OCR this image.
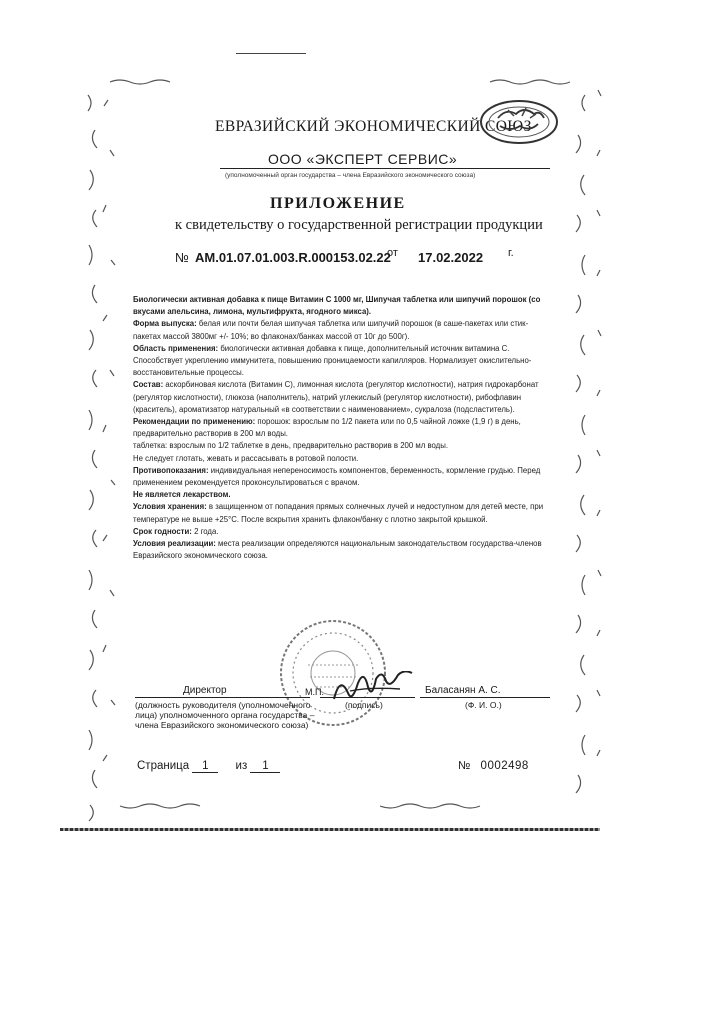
ЕВРАЗИЙСКИЙ ЭКОНОМИЧЕСКИЙ СОЮЗ
ООО «ЭКСПЕРТ СЕРВИС»
(уполномоченный орган государства – члена Евразийского экономического союза)
ПРИЛОЖЕНИЕ
к свидетельству о государственной регистрации продукции
№ AM.01.07.01.003.R.000153.02.22
от 17.02.2022 г.

Биологически активная добавка к пище Витамин С 1000 мг, Шипучая таблетка или шипучий порошок (со вкусами апельсина, лимона, мультифрукта, ягодного микса).

Форма выпуска: белая или почти белая шипучая таблетка или шипучий порошок (в саше-пакетах или стик-пакетах массой 3800мг +/- 10%; во флаконах/банках массой от 10г до 500г).

Область применения: биологически активная добавка к пище, дополнительный источник витамина С. Способствует укреплению иммунитета, повышению проницаемости капилляров. Нормализует окислительно-восстановительные процессы.

Состав: аскорбиновая кислота (Витамин С), лимонная кислота (регулятор кислотности), натрия гидрокарбонат (регулятор кислотности), глюкоза (наполнитель), натрий углекислый (регулятор кислотности), рибофлавин (краситель), ароматизатор натуральный «в соответствии с наименованием», сукралоза (подсластитель).

Рекомендации по применению: порошок: взрослым по 1/2 пакета или по 0,5 чайной ложке (1,9 г) в день, предварительно растворив в 200 мл воды.

таблетка: взрослым по 1/2 таблетке в день, предварительно растворив в 200 мл воды.

Не следует глотать, жевать и рассасывать в ротовой полости.

Противопоказания: индивидуальная непереносимость компонентов, беременность, кормление грудью. Перед применением рекомендуется проконсультироваться с врачом.

Не является лекарством.

Условия хранения: в защищенном от попадания прямых солнечных лучей и недоступном для детей месте, при температуре не выше +25°С. После вскрытия хранить флакон/банку с плотно закрытой крышкой.

Срок годности: 2 года.

Условия реализации: места реализации определяются национальным законодательством государства-членов Евразийского экономического союза.

Директор	М.П.	Баласанян А. С.
(должность руководителя (уполномоченного лица) уполномоченного органа государства – члена Евразийского экономического союза)
(подпись)	(Ф. И. О.)
Страница 1 из 1	№ 0002498
